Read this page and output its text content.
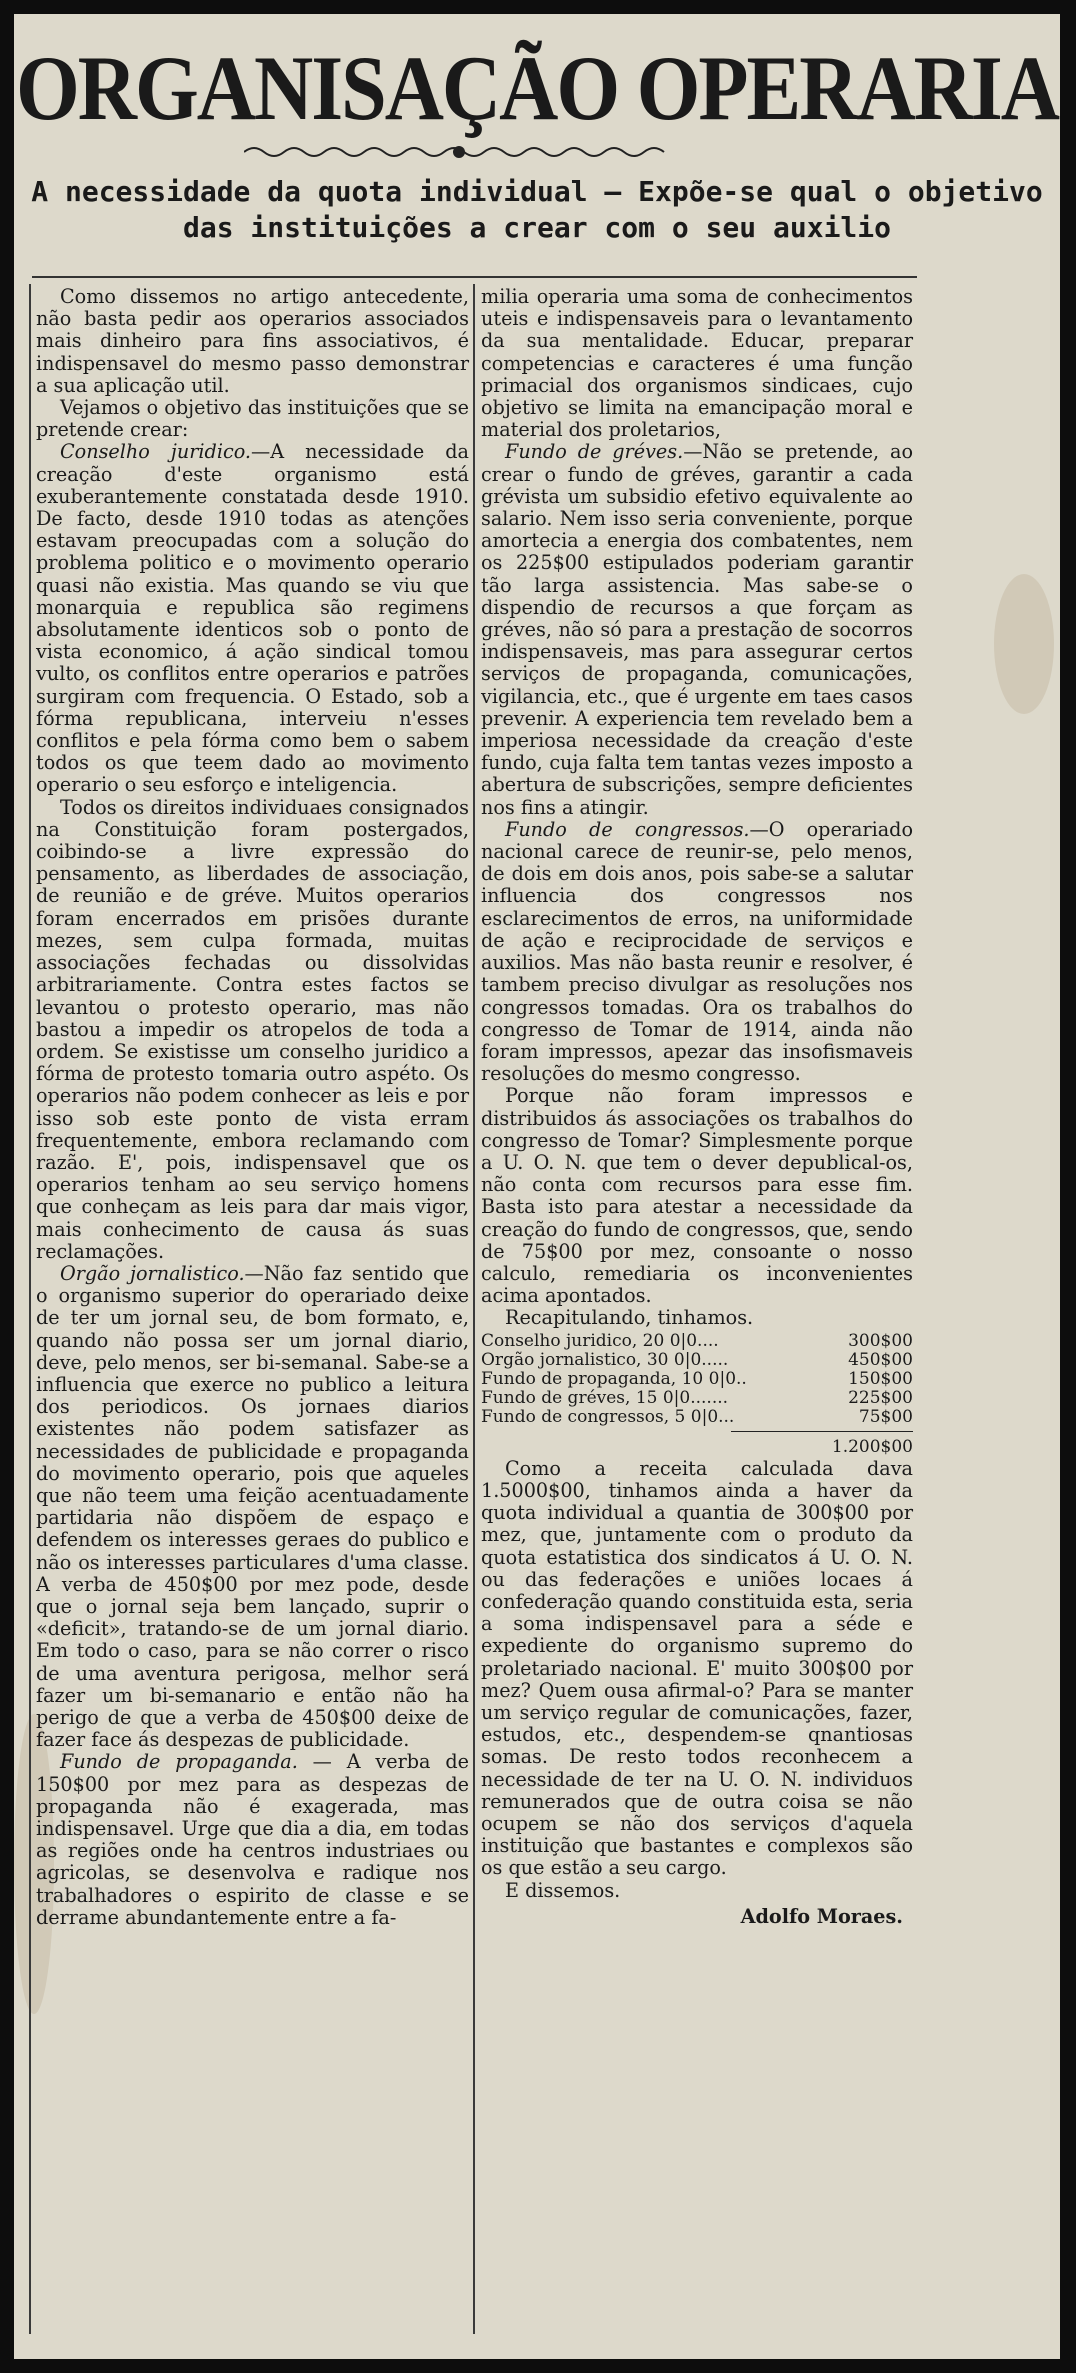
ORGANISAÇÃO OPERARIA
A necessidade da quota individual — Expõe-se qual o objetivo
das instituições a crear com o seu auxilio

Como dissemos no artigo antecedente, não basta pedir aos operarios associados mais dinheiro para fins associativos, é indispensavel do mesmo passo demonstrar a sua aplicação util.

Vejamos o objetivo das instituições que se pretende crear:

Conselho juridico.—A necessidade da creação d'este organismo está exuberantemente constatada desde 1910. De facto, desde 1910 todas as atenções estavam preocupadas com a solução do problema politico e o movimento operario quasi não existia. Mas quando se viu que monarquia e republica são regimens absolutamente identicos sob o ponto de vista economico, á ação sindical tomou vulto, os conflitos entre operarios e patrões surgiram com frequencia. O Estado, sob a fórma republicana, interveiu n'esses conflitos e pela fórma como bem o sabem todos os que teem dado ao movimento operario o seu esforço e inteligencia.

Todos os direitos individuaes consignados na Constituição foram postergados, coibindo-se a livre expressão do pensamento, as liberdades de associação, de reunião e de gréve. Muitos operarios foram encerrados em prisões durante mezes, sem culpa formada, muitas associações fechadas ou dissolvidas arbitrariamente. Contra estes factos se levantou o protesto operario, mas não bastou a impedir os atropelos de toda a ordem. Se existisse um conselho juridico a fórma de protesto tomaria outro aspéto. Os operarios não podem conhecer as leis e por isso sob este ponto de vista erram frequentemente, embora reclamando com razão. E', pois, indispensavel que os operarios tenham ao seu serviço homens que conheçam as leis para dar mais vigor, mais conhecimento de causa ás suas reclamações.

Orgão jornalistico.—Não faz sentido que o organismo superior do operariado deixe de ter um jornal seu, de bom formato, e, quando não possa ser um jornal diario, deve, pelo menos, ser bi-semanal. Sabe-se a influencia que exerce no publico a leitura dos periodicos. Os jornaes diarios existentes não podem satisfazer as necessidades de publicidade e propaganda do movimento operario, pois que aqueles que não teem uma feição acentuadamente partidaria não dispõem de espaço e defendem os interesses geraes do publico e não os interesses particulares d'uma classe. A verba de 450$00 por mez pode, desde que o jornal seja bem lançado, suprir o «deficit», tratando-se de um jornal diario. Em todo o caso, para se não correr o risco de uma aventura perigosa, melhor será fazer um bi-semanario e então não ha perigo de que a verba de 450$00 deixe de fazer face ás despezas de publicidade.

Fundo de propaganda. — A verba de 150$00 por mez para as despezas de propaganda não é exagerada, mas indispensavel. Urge que dia a dia, em todas as regiões onde ha centros industriaes ou agricolas, se desenvolva e radique nos trabalhadores o espirito de classe e se derrame abundantemente entre a fa-

milia operaria uma soma de conhecimentos uteis e indispensaveis para o levantamento da sua mentalidade. Educar, preparar competencias e caracteres é uma função primacial dos organismos sindicaes, cujo objetivo se limita na emancipação moral e material dos proletarios,

Fundo de gréves.—Não se pretende, ao crear o fundo de gréves, garantir a cada grévista um subsidio efetivo equivalente ao salario. Nem isso seria conveniente, porque amortecia a energia dos combatentes, nem os 225$00 estipulados poderiam garantir tão larga assistencia. Mas sabe-se o dispendio de recursos a que forçam as gréves, não só para a prestação de socorros indispensaveis, mas para assegurar certos serviços de propaganda, comunicações, vigilancia, etc., que é urgente em taes casos prevenir. A experiencia tem revelado bem a imperiosa necessidade da creação d'este fundo, cuja falta tem tantas vezes imposto a abertura de subscrições, sempre deficientes nos fins a atingir.

Fundo de congressos.—O operariado nacional carece de reunir-se, pelo menos, de dois em dois anos, pois sabe-se a salutar influencia dos congressos nos esclarecimentos de erros, na uniformidade de ação e reciprocidade de serviços e auxilios. Mas não basta reunir e resolver, é tambem preciso divulgar as resoluções nos congressos tomadas. Ora os trabalhos do congresso de Tomar de 1914, ainda não foram impressos, apezar das insofismaveis resoluções do mesmo congresso.

Porque não foram impressos e distribuidos ás associações os trabalhos do congresso de Tomar? Simplesmente porque a U. O. N. que tem o dever depublical-os, não conta com recursos para esse fim. Basta isto para atestar a necessidade da creação do fundo de congressos, que, sendo de 75$00 por mez, consoante o nosso calculo, remediaria os inconvenientes acima apontados.

Recapitulando, tinhamos.

Conselho juridico, 20 0|0....	300$00
Orgão jornalistico, 30 0|0.....	450$00
Fundo de propaganda, 10 0|0..	150$00
Fundo de gréves, 15 0|0.......	225$00
Fundo de congressos, 5 0|0...	75$00
1.200$00

Como a receita calculada dava 1.5000$00, tinhamos ainda a haver da quota individual a quantia de 300$00 por mez, que, juntamente com o produto da quota estatistica dos sindicatos á U. O. N. ou das federações e uniões locaes á confederação quando constituida esta, seria a soma indispensavel para a séde e expediente do organismo supremo do proletariado nacional. E' muito 300$00 por mez? Quem ousa afirmal-o? Para se manter um serviço regular de comunicações, fazer, estudos, etc., despendem-se qnantiosas somas. De resto todos reconhecem a necessidade de ter na U. O. N. individuos remunerados que de outra coisa se não ocupem se não dos serviços d'aquela instituição que bastantes e complexos são os que estão a seu cargo.

E dissemos.

Adolfo Moraes.
